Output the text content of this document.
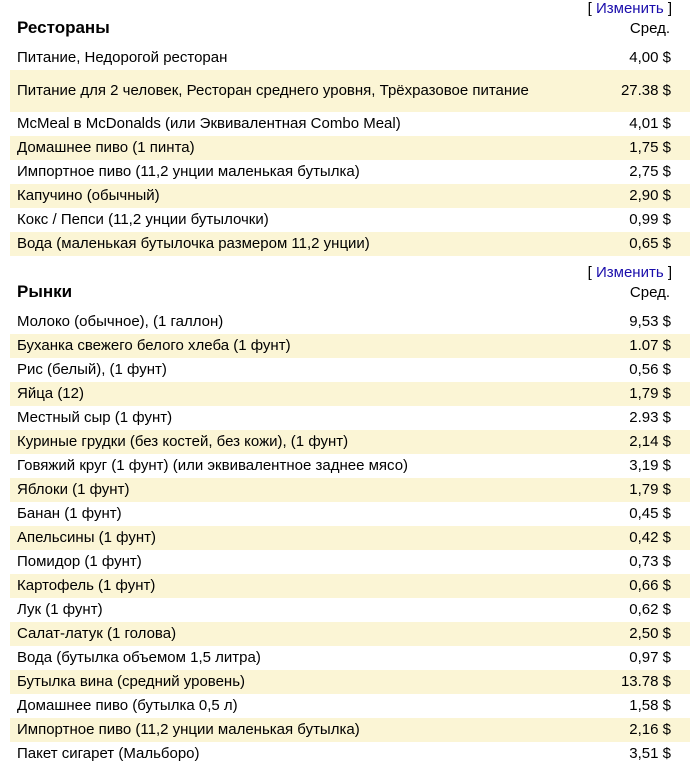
Рестораны
[ Изменить ]
Сред.
Питание, Недорогой ресторан	4,00 $
Питание для 2 человек, Ресторан среднего уровня, Трёхразовое питание	27.38 $
McMeal в McDonalds (или Эквивалентная Combo Meal)	4,01 $
Домашнее пиво (1 пинта)	1,75 $
Импортное пиво (11,2 унции маленькая бутылка)	2,75 $
Капучино (обычный)	2,90 $
Кокс / Пепси (11,2 унции бутылочки)	0,99 $
Вода (маленькая бутылочка размером 11,2 унции)	0,65 $
Рынки
[ Изменить ]
Сред.
Молоко (обычное), (1 галлон)	9,53 $
Буханка свежего белого хлеба (1 фунт)	1.07 $
Рис (белый), (1 фунт)	0,56 $
Яйца (12)	1,79 $
Местный сыр (1 фунт)	2.93 $
Куриные грудки (без костей, без кожи), (1 фунт)	2,14 $
Говяжий круг (1 фунт) (или эквивалентное заднее мясо)	3,19 $
Яблоки (1 фунт)	1,79 $
Банан (1 фунт)	0,45 $
Апельсины (1 фунт)	0,42 $
Помидор (1 фунт)	0,73 $
Картофель (1 фунт)	0,66 $
Лук (1 фунт)	0,62 $
Салат-латук (1 голова)	2,50 $
Вода (бутылка объемом 1,5 литра)	0,97 $
Бутылка вина (средний уровень)	13.78 $
Домашнее пиво (бутылка 0,5 л)	1,58 $
Импортное пиво (11,2 унции маленькая бутылка)	2,16 $
Пакет сигарет (Мальборо)	3,51 $
